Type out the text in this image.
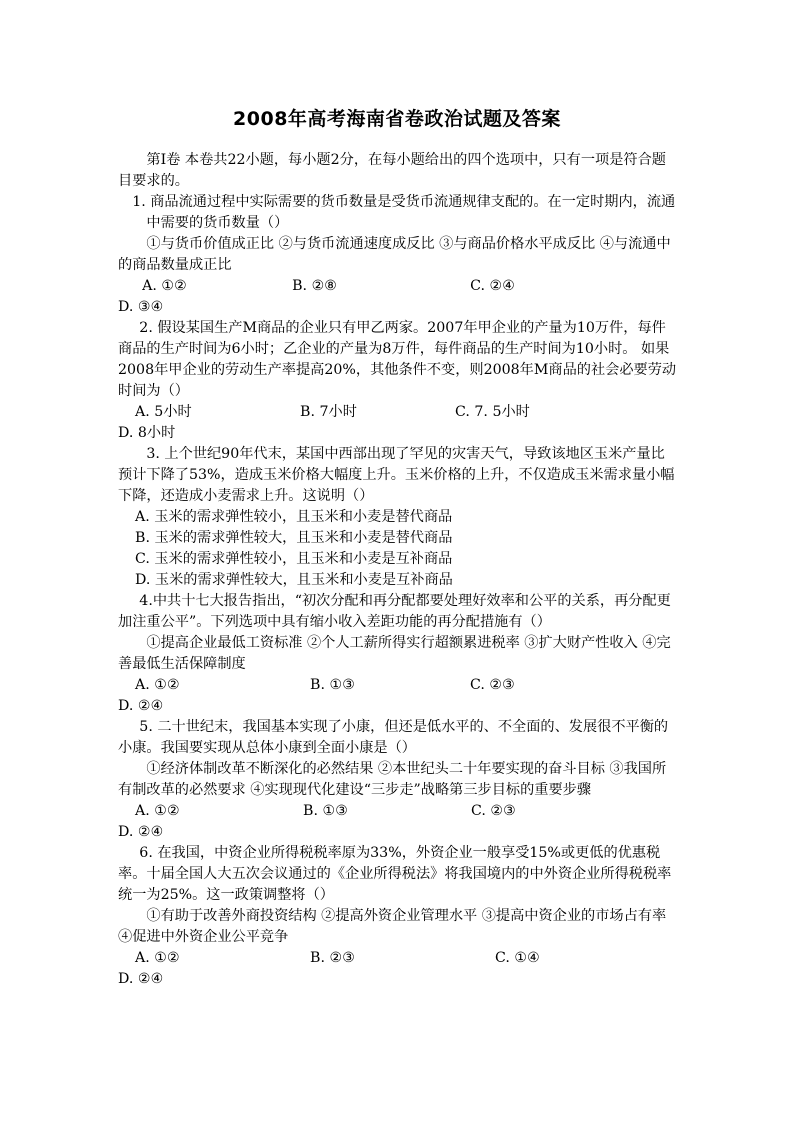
2008年高考海南省卷政治试题及答案

第Ⅰ卷 本卷共22小题，每小题2分，在每小题给出的四个选项中，只有一项是符合题目要求的。

1. 商品流通过程中实际需要的货币数量是受货币流通规律支配的。在一定时期内，流通中需要的货币数量（）

①与货币价值成正比 ②与货币流通速度成反比 ③与商品价格水平成反比 ④与流通中的商品数量成正比

A. ①②	B. ②⑧	C. ②④

D. ③④

2. 假设某国生产M商品的企业只有甲乙两家。2007年甲企业的产量为10万件，每件商品的生产时间为6小时；乙企业的产量为8万件，每件商品的生产时间为10小时。 如果2008年甲企业的劳动生产率提高20%，其他条件不变，则2008年M商品的社会必要劳动时间为（）

A. 5小时	B. 7小时	C. 7. 5小时

D. 8小时

3. 上个世纪90年代末，某国中西部出现了罕见的灾害天气，导致该地区玉米产量比预计下降了53%，造成玉米价格大幅度上升。玉米价格的上升，不仅造成玉米需求量小幅下降，还造成小麦需求上升。这说明（）

A. 玉米的需求弹性较小，且玉米和小麦是替代商品

B. 玉米的需求弹性较大，且玉米和小麦是替代商品

C. 玉米的需求弹性较小，且玉米和小麦是互补商品

D. 玉米的需求弹性较大，且玉米和小麦是互补商品

4.中共十七大报告指出，“初次分配和再分配都要处理好效率和公平的关系，再分配更加注重公平”。下列选项中具有缩小收入差距功能的再分配措施有（）

①提高企业最低工资标准 ②个人工薪所得实行超额累进税率 ③扩大财产性收入 ④完善最低生活保障制度

A. ①②	B. ①③	C. ②③

D. ②④

5. 二十世纪末，我国基本实现了小康，但还是低水平的、不全面的、发展很不平衡的小康。我国要实现从总体小康到全面小康是（）

①经济体制改革不断深化的必然结果 ②本世纪头二十年要实现的奋斗目标 ③我国所有制改革的必然要求 ④实现现代化建设“三步走”战略第三步目标的重要步骤

A. ①②	B. ①③	C. ②③

D. ②④

6. 在我国，中资企业所得税税率原为33%，外资企业一般享受15%或更低的优惠税率。十届全国人大五次会议通过的《企业所得税法》将我国境内的中外资企业所得税税率统一为25%。这一政策调整将（）

①有助于改善外商投资结构 ②提高外资企业管理水平 ③提高中资企业的市场占有率 ④促进中外资企业公平竞争

A. ①②	B. ②③	C. ①④

D. ②④
